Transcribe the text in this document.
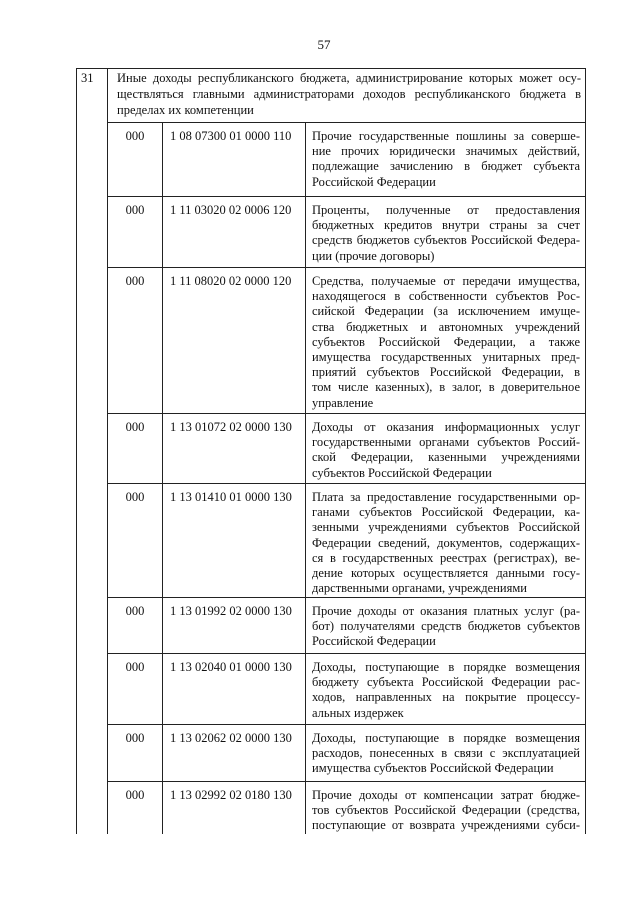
57
31	Иные доходы республиканского бюджета, администрирование которых может осу-
ществляться главными администраторами доходов республиканского бюджета в
пределах их компетенции
000	1 08 07300 01 0000 110	Прочие государственные пошлины за соверше-
ние прочих юридически значимых действий,
подлежащие зачислению в бюджет субъекта
Российской Федерации
000	1 11 03020 02 0006 120	Проценты, полученные от предоставления
бюджетных кредитов внутри страны за счет
средств бюджетов субъектов Российской Федера-
ции (прочие договоры)
000	1 11 08020 02 0000 120	Средства, получаемые от передачи имущества,
находящегося в собственности субъектов Рос-
сийской Федерации (за исключением имуще-
ства бюджетных и автономных учреждений
субъектов Российской Федерации, а также
имущества государственных унитарных пред-
приятий субъектов Российской Федерации, в
том числе казенных), в залог, в доверительное
управление
000	1 13 01072 02 0000 130	Доходы от оказания информационных услуг
государственными органами субъектов Россий-
ской Федерации, казенными учреждениями
субъектов Российской Федерации
000	1 13 01410 01 0000 130	Плата за предоставление государственными ор-
ганами субъектов Российской Федерации, ка-
зенными учреждениями субъектов Российской
Федерации сведений, документов, содержащих-
ся в государственных реестрах (регистрах), ве-
дение которых осуществляется данными госу-
дарственными органами, учреждениями
000	1 13 01992 02 0000 130	Прочие доходы от оказания платных услуг (ра-
бот) получателями средств бюджетов субъектов
Российской Федерации
000	1 13 02040 01 0000 130	Доходы, поступающие в порядке возмещения
бюджету субъекта Российской Федерации рас-
ходов, направленных на покрытие процессу-
альных издержек
000	1 13 02062 02 0000 130	Доходы, поступающие в порядке возмещения
расходов, понесенных в связи с эксплуатацией
имущества субъектов Российской Федерации
000	1 13 02992 02 0180 130	Прочие доходы от компенсации затрат бюдже-
тов субъектов Российской Федерации (средства,
поступающие от возврата учреждениями субси-
